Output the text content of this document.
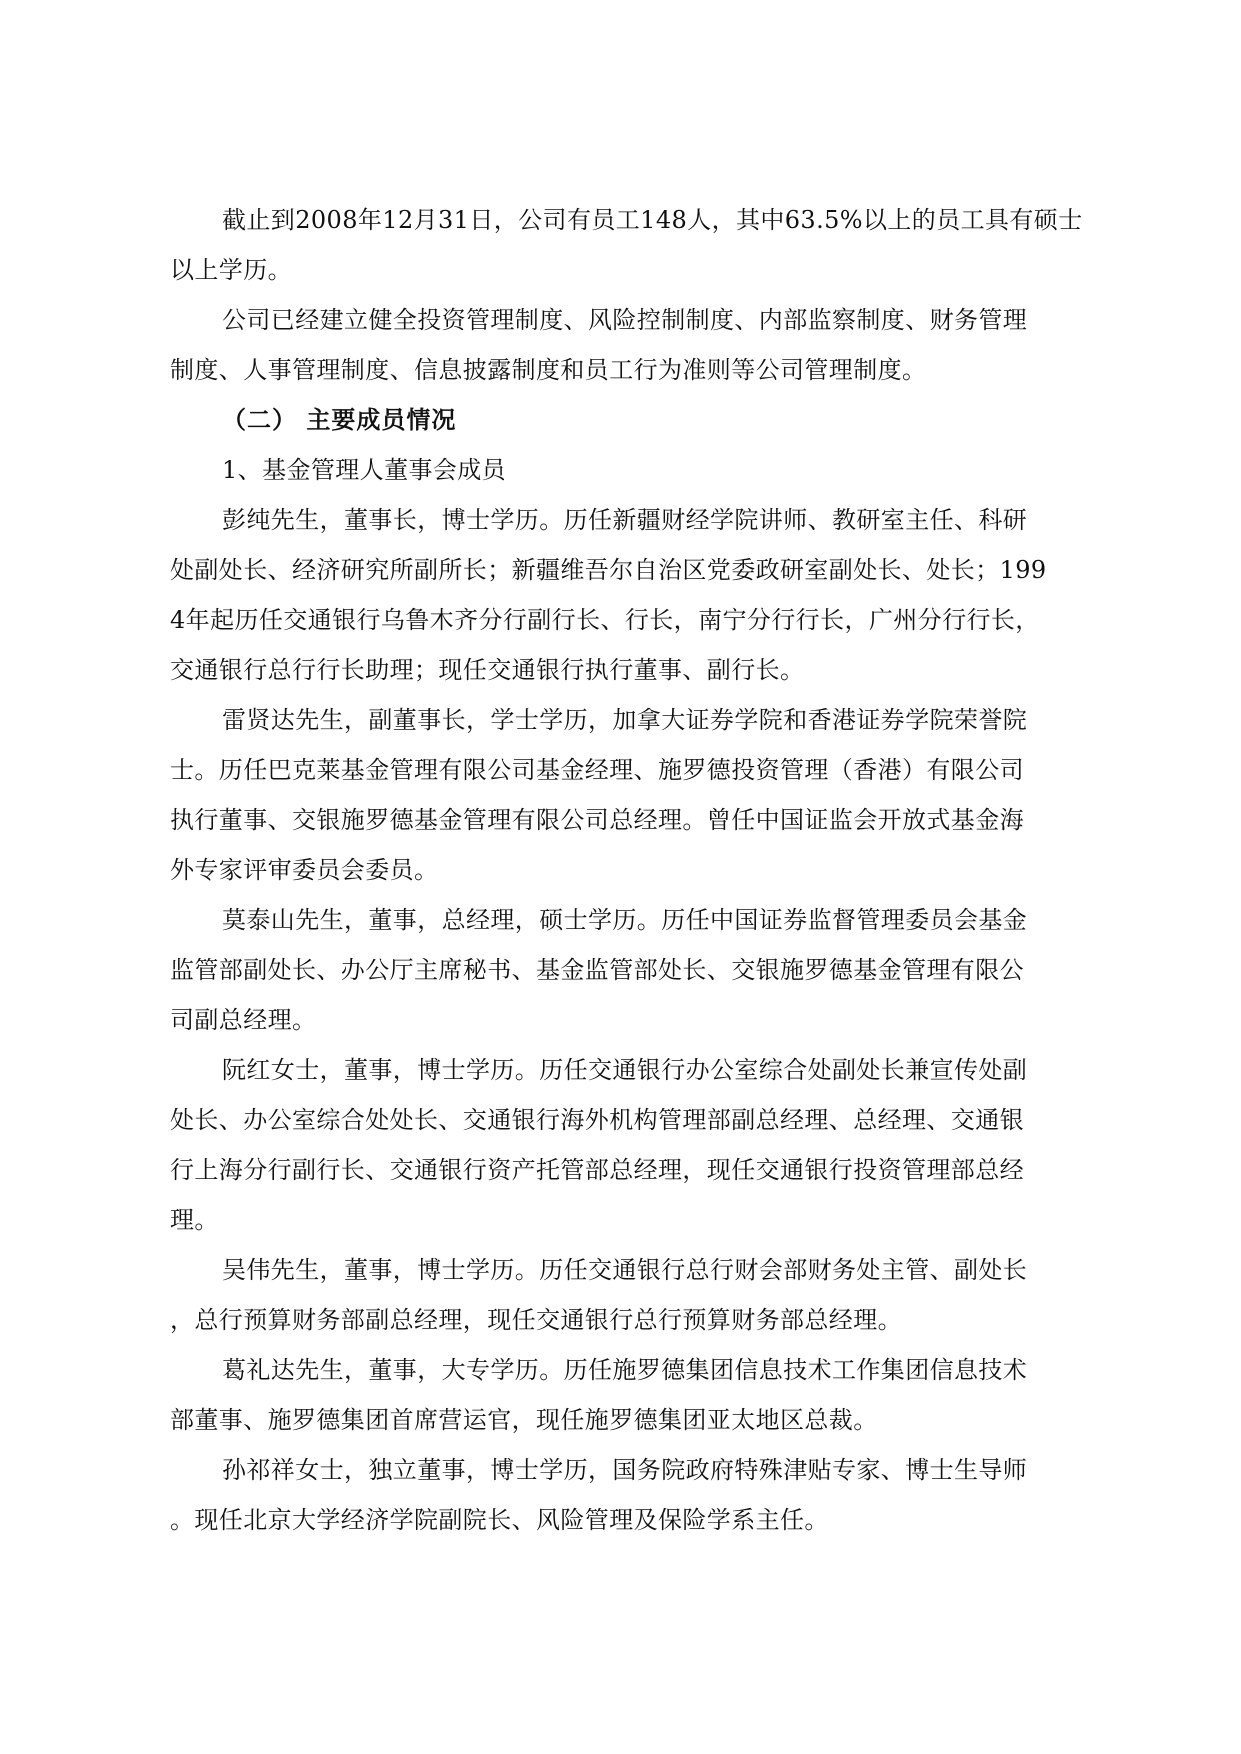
截止到2008年12月31日，公司有员工148人，其中63.5%以上的员工具有硕士
以上学历。
公司已经建立健全投资管理制度、风险控制制度、内部监察制度、财务管理
制度、人事管理制度、信息披露制度和员工行为准则等公司管理制度。
（二） 主要成员情况
1、基金管理人董事会成员
彭纯先生，董事长，博士学历。历任新疆财经学院讲师、教研室主任、科研
处副处长、经济研究所副所长；新疆维吾尔自治区党委政研室副处长、处长；199
4年起历任交通银行乌鲁木齐分行副行长、行长，南宁分行行长，广州分行行长，
交通银行总行行长助理；现任交通银行执行董事、副行长。
雷贤达先生，副董事长，学士学历，加拿大证券学院和香港证券学院荣誉院
士。历任巴克莱基金管理有限公司基金经理、施罗德投资管理（香港）有限公司
执行董事、交银施罗德基金管理有限公司总经理。曾任中国证监会开放式基金海
外专家评审委员会委员。
莫泰山先生，董事，总经理，硕士学历。历任中国证券监督管理委员会基金
监管部副处长、办公厅主席秘书、基金监管部处长、交银施罗德基金管理有限公
司副总经理。
阮红女士，董事，博士学历。历任交通银行办公室综合处副处长兼宣传处副
处长、办公室综合处处长、交通银行海外机构管理部副总经理、总经理、交通银
行上海分行副行长、交通银行资产托管部总经理，现任交通银行投资管理部总经
理。
吴伟先生，董事，博士学历。历任交通银行总行财会部财务处主管、副处长
，总行预算财务部副总经理，现任交通银行总行预算财务部总经理。
葛礼达先生，董事，大专学历。历任施罗德集团信息技术工作集团信息技术
部董事、施罗德集团首席营运官，现任施罗德集团亚太地区总裁。
孙祁祥女士，独立董事，博士学历，国务院政府特殊津贴专家、博士生导师
。现任北京大学经济学院副院长、风险管理及保险学系主任。
